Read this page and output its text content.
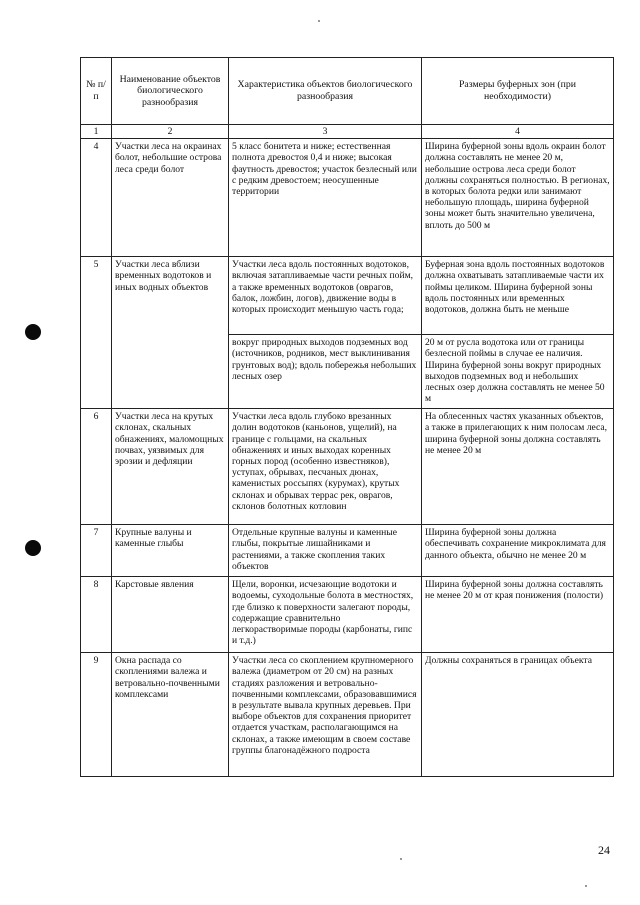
№ п/п	Наименование объектов биологического разнообразия	Характеристика объектов биологического разнообразия	Размеры буферных зон (при необходимости)
1	2	3	4
4	Участки леса на окраинах болот, небольшие острова леса среди болот	5 класс бонитета и ниже; естественная полнота древостоя 0,4 и ниже; высокая фаутность древостоя; участок безлесный или с редким древостоем; неосушенные территории	Ширина буферной зоны вдоль окраин болот должна составлять не менее 20 м, небольшие острова леса среди болот должны сохраняться полностью. В регионах, в которых болота редки или занимают небольшую площадь, ширина буферной зоны может быть значительно увеличена, вплоть до 500 м
5	Участки леса вблизи временных водотоков и иных водных объектов	Участки леса вдоль постоянных водотоков, включая затапливаемые части речных пойм, а также временных водотоков (оврагов, балок, ложбин, логов), движение воды в которых происходит меньшую часть года;	Буферная зона вдоль постоянных водотоков должна охватывать затапливаемые части их поймы целиком. Ширина буферной зоны вдоль постоянных или временных водотоков, должна быть не меньше
		вокруг природных выходов подземных вод (источников, родников, мест выклинивания грунтовых вод); вдоль побережья небольших лесных озер	20 м от русла водотока или от границы безлесной поймы в случае ее наличия. Ширина буферной зоны вокруг природных выходов подземных вод и небольших лесных озер должна составлять не менее 50 м
6	Участки леса на крутых склонах, скальных обнажениях, маломощных почвах, уязвимых для эрозии и дефляции	Участки леса вдоль глубоко врезанных долин водотоков (каньонов, ущелий), на границе с гольцами, на скальных обнажениях и иных выходах коренных горных пород (особенно известняков), уступах, обрывах, песчаных дюнах, каменистых россыпях (курумах), крутых склонах и обрывах террас рек, оврагов, склонов болотных котловин	На облесенных частях указанных объектов, а также в прилегающих к ним полосам леса, ширина буферной зоны должна составлять не менее 20 м
7	Крупные валуны и каменные глыбы	Отдельные крупные валуны и каменные глыбы, покрытые лишайниками и растениями, а также скопления таких объектов	Ширина буферной зоны должна обеспечивать сохранение микроклимата для данного объекта, обычно не менее 20 м
8	Карстовые явления	Щели, воронки, исчезающие водотоки и водоемы, суходольные болота в местностях, где близко к поверхности залегают породы, содержащие сравнительно легкорастворимые породы (карбонаты, гипс и т.д.)	Ширина буферной зоны должна составлять не менее 20 м от края понижения (полости)
9	Окна распада со скоплениями валежа и ветровально-почвенными комплексами	Участки леса со скоплением крупномерного валежа (диаметром от 20 см) на разных стадиях разложения и ветровально-почвенными комплексами, образовавшимися в результате вывала крупных деревьев. При выборе объектов для сохранения приоритет отдается участкам, располагающимся на склонах, а также имеющим в своем составе группы благонадёжного подроста	Должны сохраняться в границах объекта
24
